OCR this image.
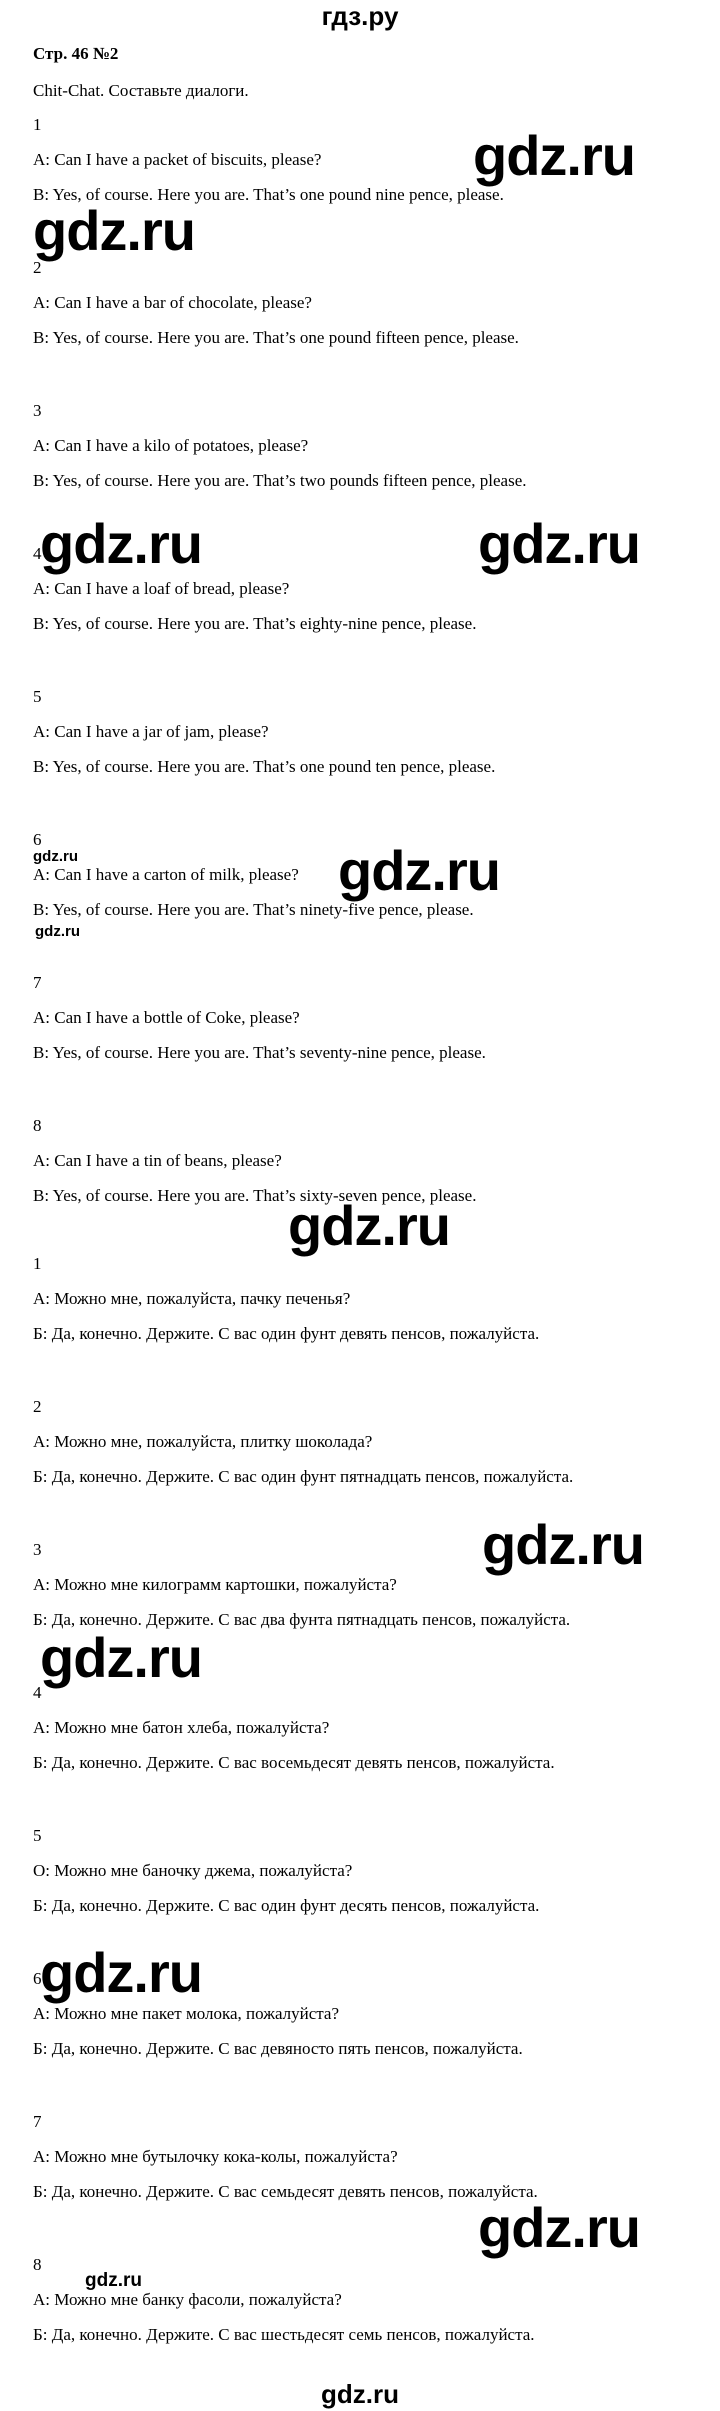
гдз.ру
Стр. 46 №2
Chit-Chat. Составьте диалоги.
1
A: Can I have a packet of biscuits, please?
B: Yes, of course. Here you are. That’s one pound nine pence, please.
2
A: Can I have a bar of chocolate, please?
B: Yes, of course. Here you are. That’s one pound fifteen pence, please.
3
A: Can I have a kilo of potatoes, please?
B: Yes, of course. Here you are. That’s two pounds fifteen pence, please.
4
A: Can I have a loaf of bread, please?
B: Yes, of course. Here you are. That’s eighty-nine pence, please.
5
A: Can I have a jar of jam, please?
B: Yes, of course. Here you are. That’s one pound ten pence, please.
6
A: Can I have a carton of milk, please?
B: Yes, of course. Here you are. That’s ninety-five pence, please.
7
A: Can I have a bottle of Coke, please?
B: Yes, of course. Here you are. That’s seventy-nine pence, please.
8
A: Can I have a tin of beans, please?
B: Yes, of course. Here you are. That’s sixty-seven pence, please.
1
А: Можно мне, пожалуйста, пачку печенья?
Б: Да, конечно. Держите. С вас один фунт девять пенсов, пожалуйста.
2
А: Можно мне, пожалуйста, плитку шоколада?
Б: Да, конечно. Держите. С вас один фунт пятнадцать пенсов, пожалуйста.
3
А: Можно мне килограмм картошки, пожалуйста?
Б: Да, конечно. Держите. С вас два фунта пятнадцать пенсов, пожалуйста.
4
А: Можно мне батон хлеба, пожалуйста?
Б: Да, конечно. Держите. С вас восемьдесят девять пенсов, пожалуйста.
5
О: Можно мне баночку джема, пожалуйста?
Б: Да, конечно. Держите. С вас один фунт десять пенсов, пожалуйста.
6
А: Можно мне пакет молока, пожалуйста?
Б: Да, конечно. Держите. С вас девяносто пять пенсов, пожалуйста.
7
А: Можно мне бутылочку кока-колы, пожалуйста?
Б: Да, конечно. Держите. С вас семьдесят девять пенсов, пожалуйста.
8
А: Можно мне банку фасоли, пожалуйста?
Б: Да, конечно. Держите. С вас шестьдесят семь пенсов, пожалуйста.
gdz.ru
gdz.ru
gdz.ru	gdz.ru
gdz.ru
gdz.ru
gdz.ru
gdz.ru
gdz.ru
gdz.ru
gdz.ru
gdz.ru
gdz.ru
gdz.ru
